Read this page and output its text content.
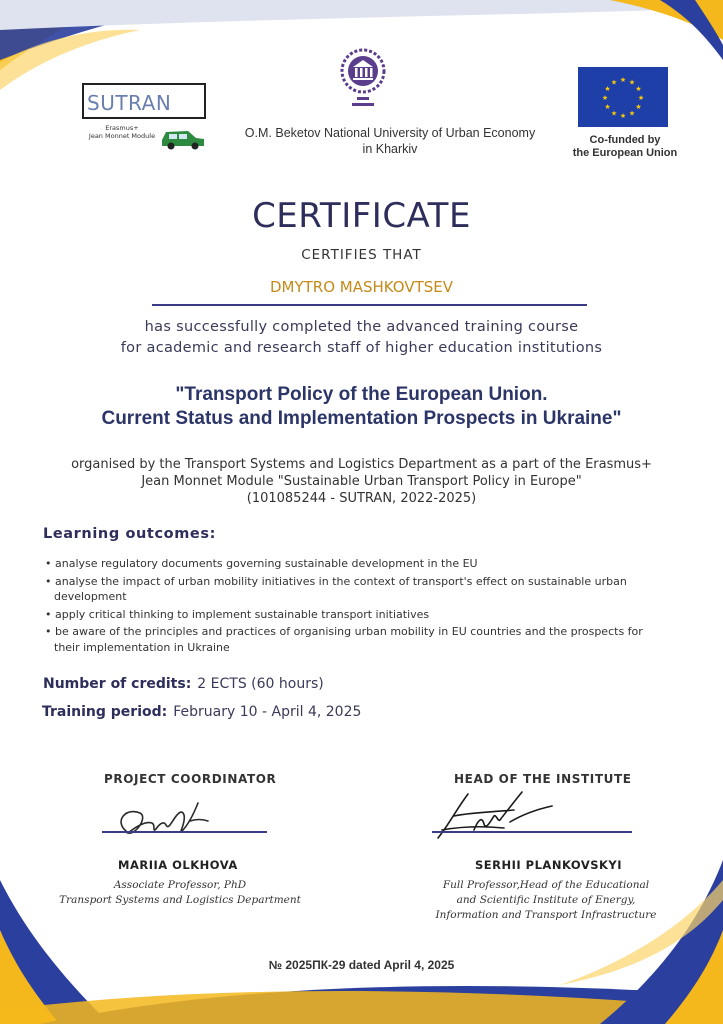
SUTRAN
Erasmus+
Jean Monnet Module	O.M. Beketov National University of Urban Economy
in Kharkiv
★ ★
★
★
★
★
★
★
★
★
★
★
Co-funded by
the European Union
CERTIFICATE
CERTIFIES THAT
DMYTRO MASHKOVTSEV
has successfully completed the advanced training course
for academic and research staff of higher education institutions
"Transport Policy of the European Union.
Current Status and Implementation Prospects in Ukraine"
organised by the Transport Systems and Logistics Department as a part of the Erasmus+
Jean Monnet Module "Sustainable Urban Transport Policy in Europe"
(101085244 - SUTRAN, 2022-2025)
Learning outcomes:
• analyse regulatory documents governing sustainable development in the EU
• analyse the impact of urban mobility initiatives in the context of transport's effect on sustainable urban development
• apply critical thinking to implement sustainable transport initiatives
• be aware of the principles and practices of organising urban mobility in EU countries and the prospects for their implementation in Ukraine
Number of credits: 2 ECTS (60 hours)
Training period: February 10 - April 4, 2025
PROJECT COORDINATOR	HEAD OF THE INSTITUTE
MARIIA OLKHOVA	SERHII PLANKOVSKYI
Associate Professor, PhD
Transport Systems and Logistics Department
Full Professor,Head of the Educational
and Scientific Institute of Energy,
Information and Transport Infrastructure
№ 2025ПК-29 dated April 4, 2025
